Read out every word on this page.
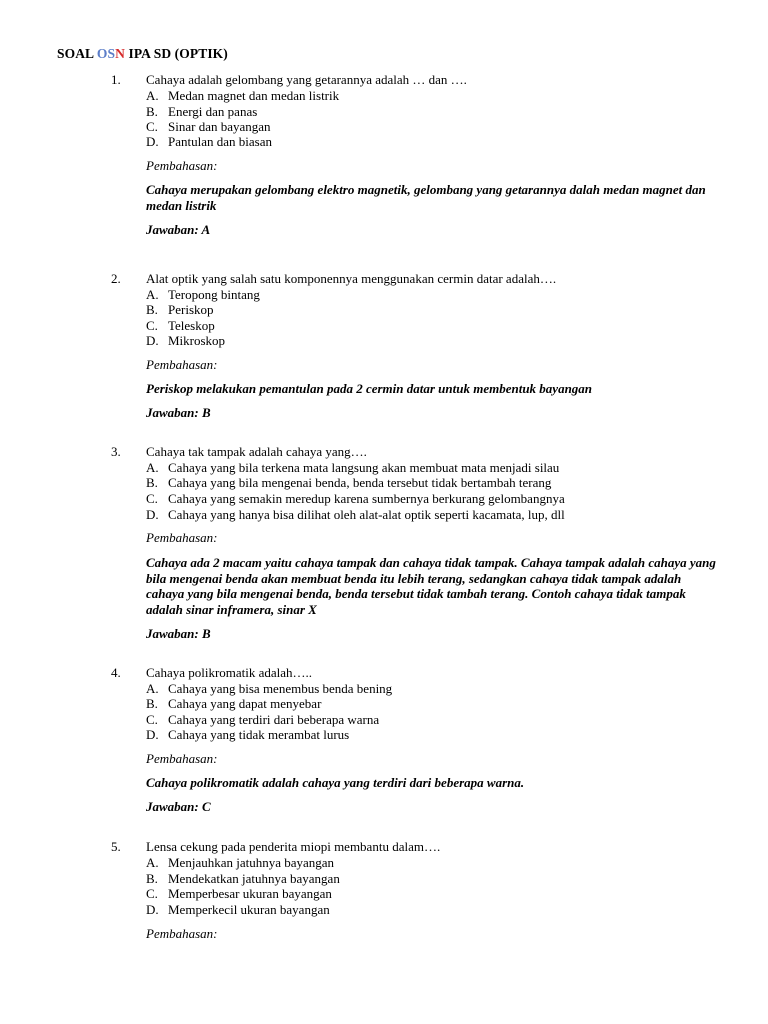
SOAL OSN IPA SD (OPTIK)
1. Cahaya adalah gelombang yang getarannya adalah … dan ….
A. Medan magnet dan medan listrik
B. Energi dan panas
C. Sinar dan bayangan
D. Pantulan dan biasan
Pembahasan:
Cahaya merupakan gelombang elektro magnetik, gelombang yang getarannya dalah medan magnet dan medan listrik
Jawaban: A
2. Alat optik yang salah satu komponennya menggunakan cermin datar adalah….
A. Teropong bintang
B. Periskop
C. Teleskop
D. Mikroskop
Pembahasan:
Periskop melakukan pemantulan pada 2 cermin datar untuk membentuk bayangan
Jawaban: B
3. Cahaya tak tampak adalah cahaya yang….
A. Cahaya yang bila terkena mata langsung akan membuat mata menjadi silau
B. Cahaya yang bila mengenai benda, benda tersebut tidak bertambah terang
C. Cahaya yang semakin meredup karena sumbernya berkurang gelombangnya
D. Cahaya yang hanya bisa dilihat oleh alat-alat optik seperti kacamata, lup, dll
Pembahasan:
Cahaya ada 2 macam yaitu cahaya tampak dan cahaya tidak tampak. Cahaya tampak adalah cahaya yang bila mengenai benda akan membuat benda itu lebih terang, sedangkan cahaya tidak tampak adalah cahaya yang bila mengenai benda, benda tersebut tidak tambah terang. Contoh cahaya tidak tampak adalah sinar inframera, sinar X
Jawaban: B
4. Cahaya polikromatik adalah…..
A. Cahaya yang bisa menembus benda bening
B. Cahaya yang dapat menyebar
C. Cahaya yang terdiri dari beberapa warna
D. Cahaya yang tidak merambat lurus
Pembahasan:
Cahaya polikromatik adalah cahaya yang terdiri dari beberapa warna.
Jawaban: C
5. Lensa cekung pada penderita miopi membantu dalam….
A. Menjauhkan jatuhnya bayangan
B. Mendekatkan jatuhnya bayangan
C. Memperbesar ukuran bayangan
D. Memperkecil ukuran bayangan
Pembahasan:
